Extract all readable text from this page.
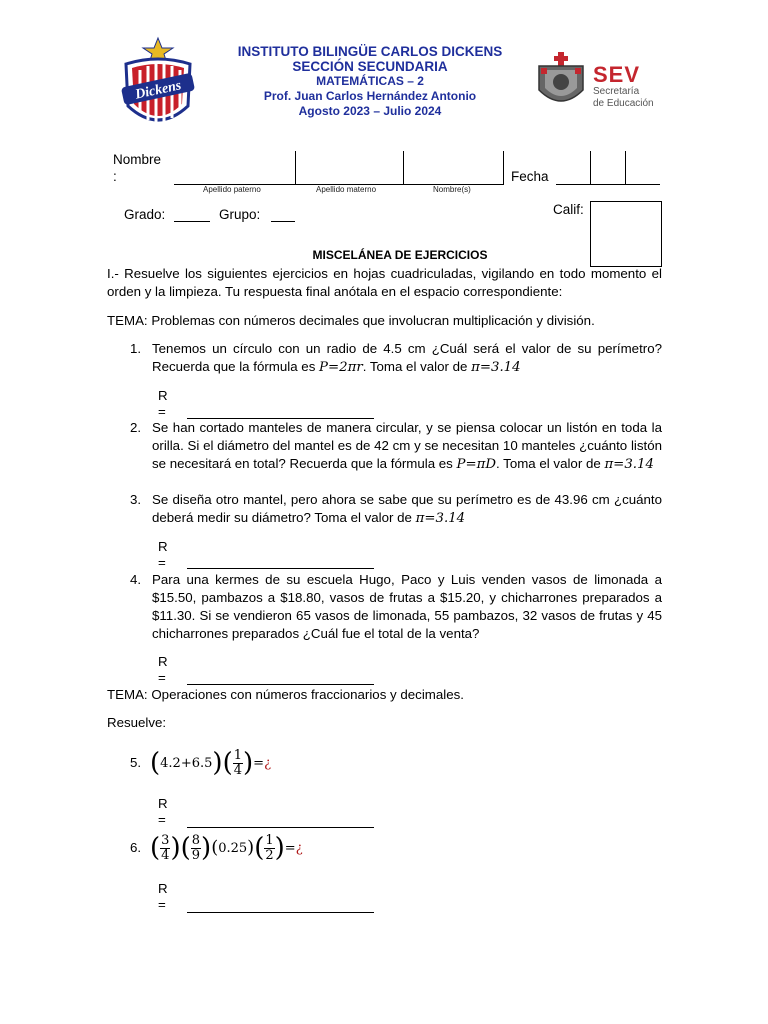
Dickens
INSTITUTO BILINGÜE CARLOS DICKENS
SECCIÓN SECUNDARIA
MATEMÁTICAS – 2
Prof. Juan Carlos Hernández Antonio
Agosto 2023 – Julio 2024
SEV
Secretaría
de Educación
Nombre
:
Apellido paterno	Apellido materno	Nombre(s)
Fecha
Grado:	Grupo:	Calif:
MISCELÁNEA DE EJERCICIOS
I.- Resuelve los siguientes ejercicios en hojas cuadriculadas, vigilando en todo momento el orden y la limpieza. Tu respuesta final anótala en el espacio correspondiente:
TEMA: Problemas con números decimales que involucran multiplicación y división.
1. Tenemos un círculo con un radio de 4.5 cm ¿Cuál será el valor de su perímetro? Recuerda que la fórmula es P=2πr. Toma el valor de π=3.14
R
=
2. Se han cortado manteles de manera circular, y se piensa colocar un listón en toda la orilla. Si el diámetro del mantel es de 42 cm y se necesitan 10 manteles ¿cuánto listón se necesitará en total? Recuerda que la fórmula es P=πD. Toma el valor de π=3.14
3. Se diseña otro mantel, pero ahora se sabe que su perímetro es de 43.96 cm ¿cuánto deberá medir su diámetro? Toma el valor de π=3.14
R
=
4. Para una kermes de su escuela Hugo, Paco y Luis venden vasos de limonada a $15.50, pambazos a $18.80, vasos de frutas a $15.20, y chicharrones preparados a $11.30. Si se vendieron 65 vasos de limonada, 55 pambazos, 32 vasos de frutas y 45 chicharrones preparados ¿Cuál fue el total de la venta?
R
=
TEMA: Operaciones con números fraccionarios y decimales.
Resuelve:
5. ( 4.2+6.5 ) ( $\frac{1}{4}$ ) = ¿
R
=
6. ( $\frac{3}{4}$ ) ( $\frac{8}{9}$ ) ( 0.25 ) ( $\frac{1}{2}$ ) = ¿
R
=
